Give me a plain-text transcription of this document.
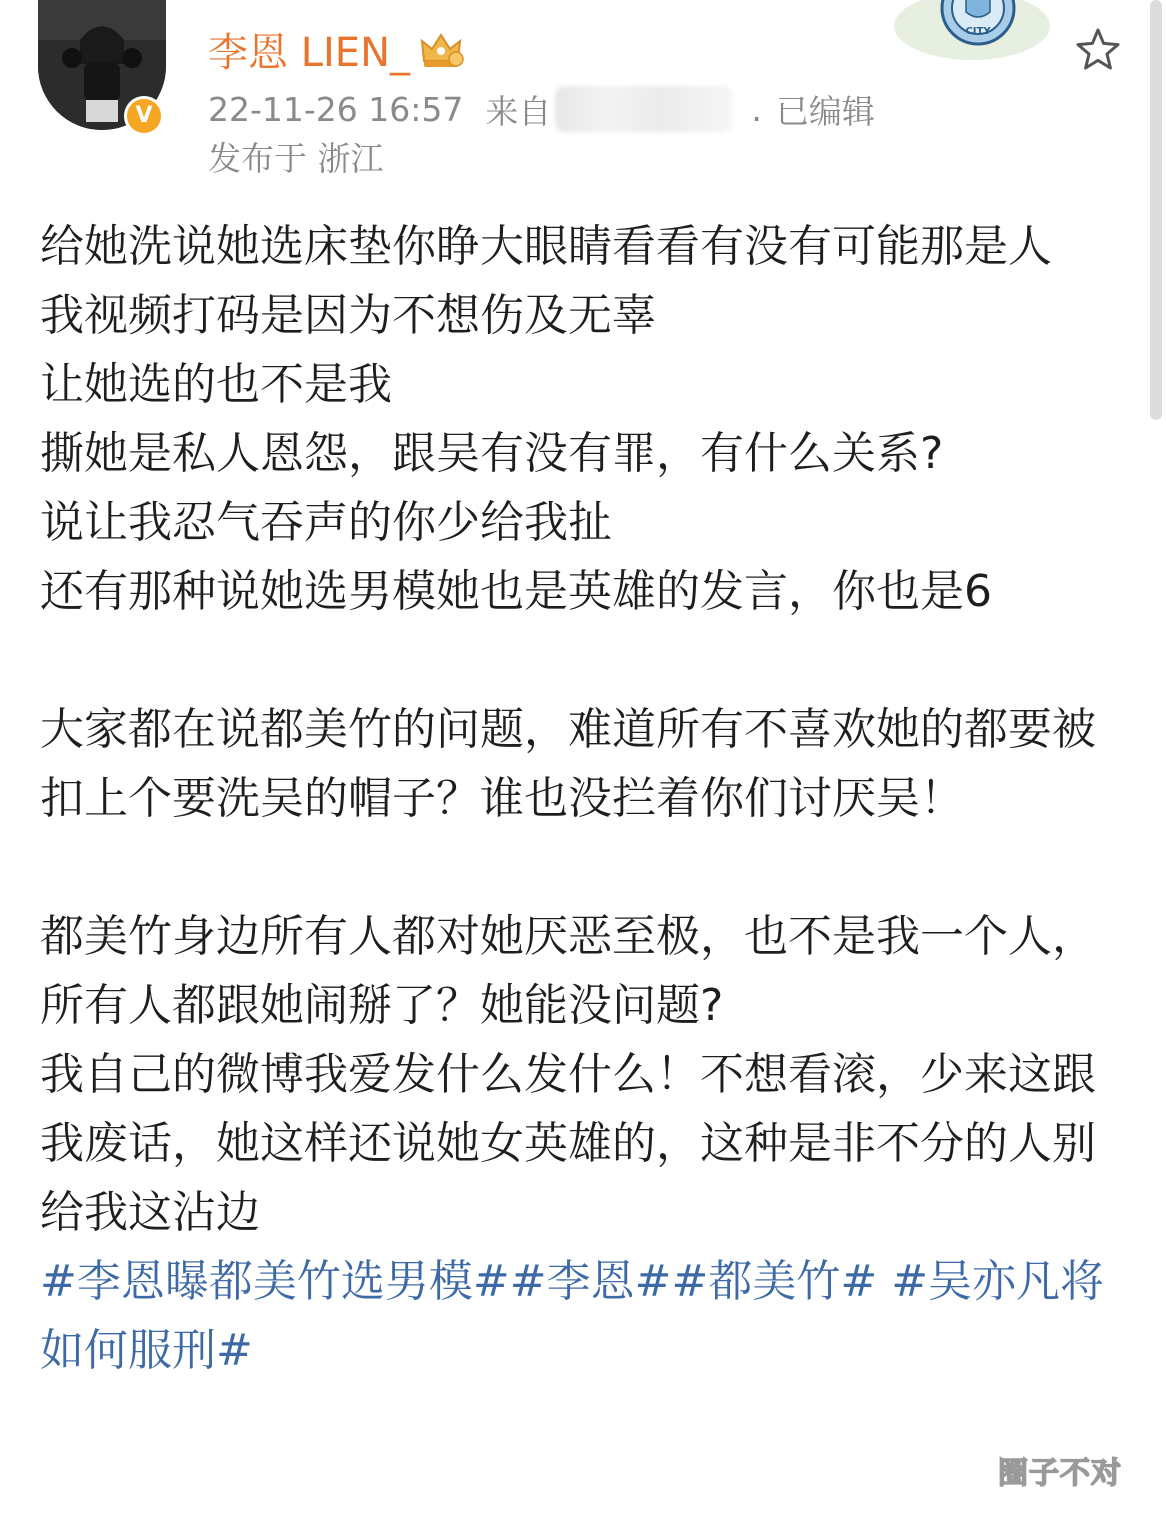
V
李恩 LIEN_
22-11-26 16:57 来自	. 已编辑
发布于 浙江
CITY

给她洗说她选床垫你睁大眼睛看看有没有可能那是人

我视频打码是因为不想伤及无辜

让她选的也不是我

撕她是私人恩怨，跟吴有没有罪，有什么关系?

说让我忍气吞声的你少给我扯

还有那种说她选男模她也是英雄的发言，你也是6

大家都在说都美竹的问题，难道所有不喜欢她的都要被扣上个要洗吴的帽子？谁也没拦着你们讨厌吴！

都美竹身边所有人都对她厌恶至极，也不是我一个人，所有人都跟她闹掰了？她能没问题?

我自己的微博我爱发什么发什么！不想看滚，少来这跟我废话，她这样还说她女英雄的，这种是非不分的人别给我这沾边

#李恩曝都美竹选男模##李恩##都美竹# #吴亦凡将如何服刑#

圈子不对
